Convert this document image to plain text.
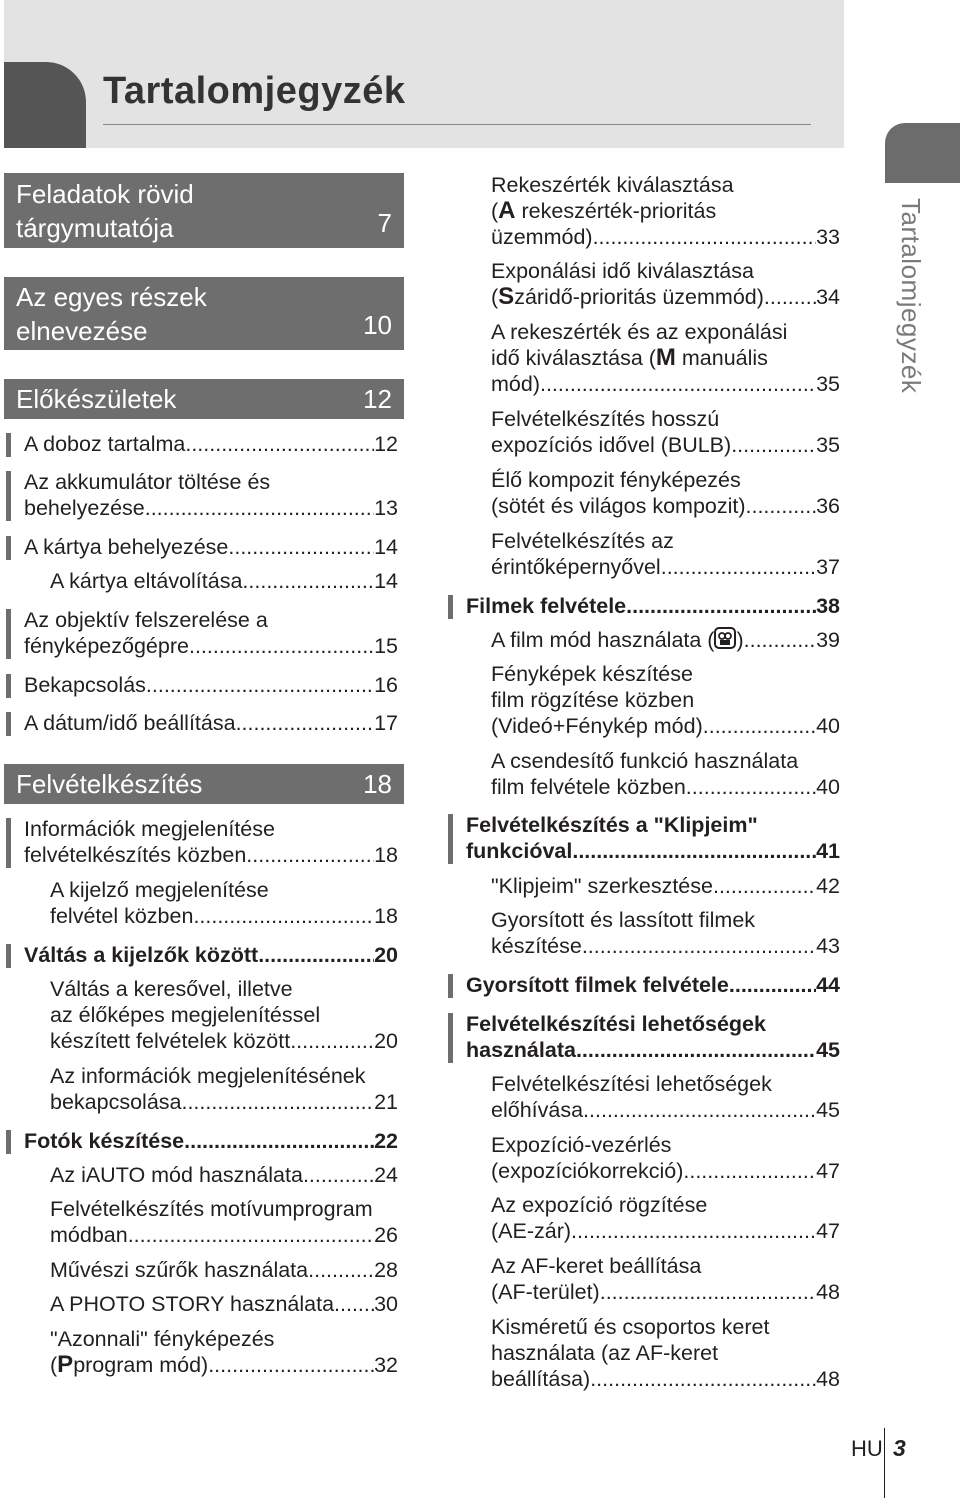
Tartalomjegyzék
Tartalomjegyzék
Feladatok rövid
tárgymutatója	7
Az egyes részek
elnevezése	10
Előkészületek	12
Felvételkészítés	18
A doboz tartalma .....	12
Az akkumulátor töltése és
behelyezése .....	13
A kártya behelyezése .....	14
A kártya eltávolítása .....	14
Az objektív felszerelése a
fényképezőgépre .....	15
Bekapcsolás .....	16
A dátum/idő beállítása .....	17
Információk megjelenítése
felvételkészítés közben .....	18
A kijelző megjelenítése
felvétel közben .....	18
Váltás a kijelzők között .....	20
Váltás a keresővel, illetve
az élőképes megjelenítéssel
készített felvételek között .....	20
Az információk megjelenítésének
bekapcsolása .....	21
Fotók készítése .....	22
Az iAUTO mód használata .....	24
Felvételkészítés motívumprogram
módban .....	26
Művészi szűrők használata .....	28
A PHOTO STORY használata ..... 30
"Azonnali" fényképezés
( P program mód) .....	32
Rekeszérték kiválasztása
(A rekeszérték-prioritás
üzemmód) .....	33
Exponálási idő kiválasztása
( S záridő-prioritás üzemmód) ..... 34
A rekeszérték és az exponálási
idő kiválasztása (M manuális
mód) .....	35
Felvételkészítés hosszú
expozíciós idővel (BULB) .....	35
Élő kompozit fényképezés
(sötét és világos kompozit) .....	36
Felvételkészítés az
érintőképernyővel .....	37
Filmek felvétele .....	38
A film mód használata ( ) .....	39
Fényképek készítése
film rögzítése közben
(Videó+Fénykép mód) .....	40
A csendesítő funkció használata
film felvétele közben .....	40
Felvételkészítés a "Klipjeim"
funkcióval .....	41
"Klipjeim" szerkesztése .....	42
Gyorsított és lassított filmek
készítése .....	43
Gyorsított filmek felvétele .....	44
Felvételkészítési lehetőségek
használata .....	45
Felvételkészítési lehetőségek
előhívása .....	45
Expozíció-vezérlés
(expozíciókorrekció) .....	47
Az expozíció rögzítése
(AE-zár) .....	47
Az AF-keret beállítása
(AF-terület) .....	48
Kisméretű és csoportos keret
használata (az AF-keret
beállítása) .....	48
HU 3
